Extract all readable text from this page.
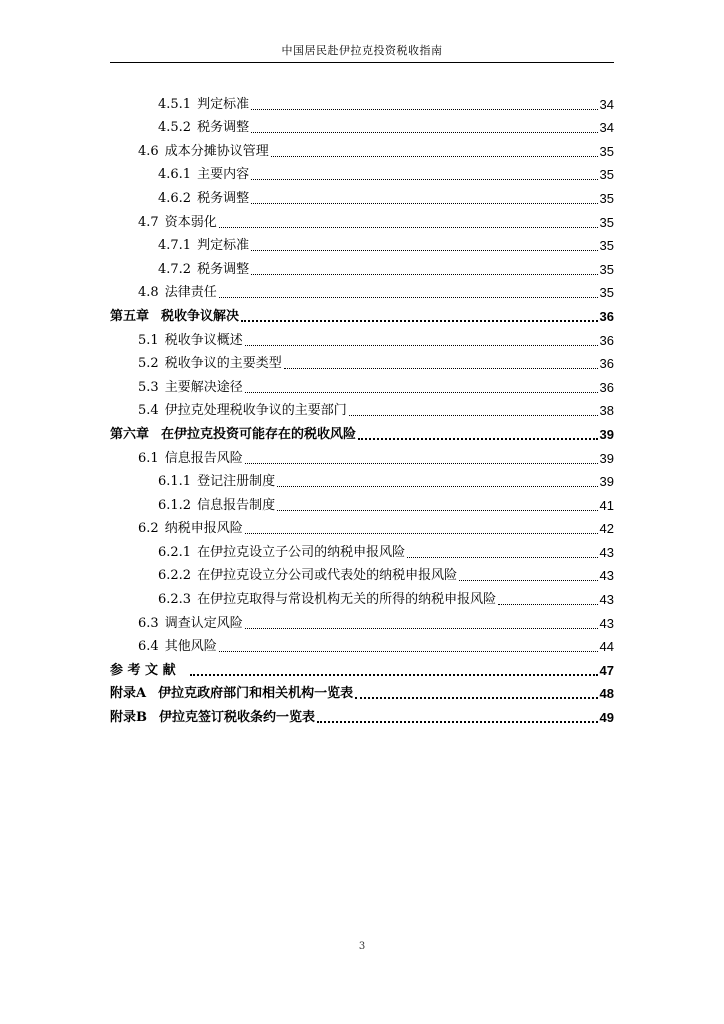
中国居民赴伊拉克投资税收指南
4.5.1 判定标准	34
4.5.2 税务调整	34
4.6 成本分摊协议管理	35
4.6.1 主要内容	35
4.6.2 税务调整	35
4.7 资本弱化	35
4.7.1 判定标准	35
4.7.2 税务调整	35
4.8 法律责任	35
第五章 税收争议解决	36
5.1 税收争议概述	36
5.2 税收争议的主要类型	36
5.3 主要解决途径	36
5.4 伊拉克处理税收争议的主要部门	38
第六章 在伊拉克投资可能存在的税收风险	39
6.1 信息报告风险	39
6.1.1 登记注册制度	39
6.1.2 信息报告制度	41
6.2 纳税申报风险	42
6.2.1 在伊拉克设立子公司的纳税申报风险	43
6.2.2 在伊拉克设立分公司或代表处的纳税申报风险	43
6.2.3 在伊拉克取得与常设机构无关的所得的纳税申报风险	43
6.3 调查认定风险	43
6.4 其他风险	44
参 考 文 献	47
附录A 伊拉克政府部门和相关机构一览表	48
附录B 伊拉克签订税收条约一览表	49
3
